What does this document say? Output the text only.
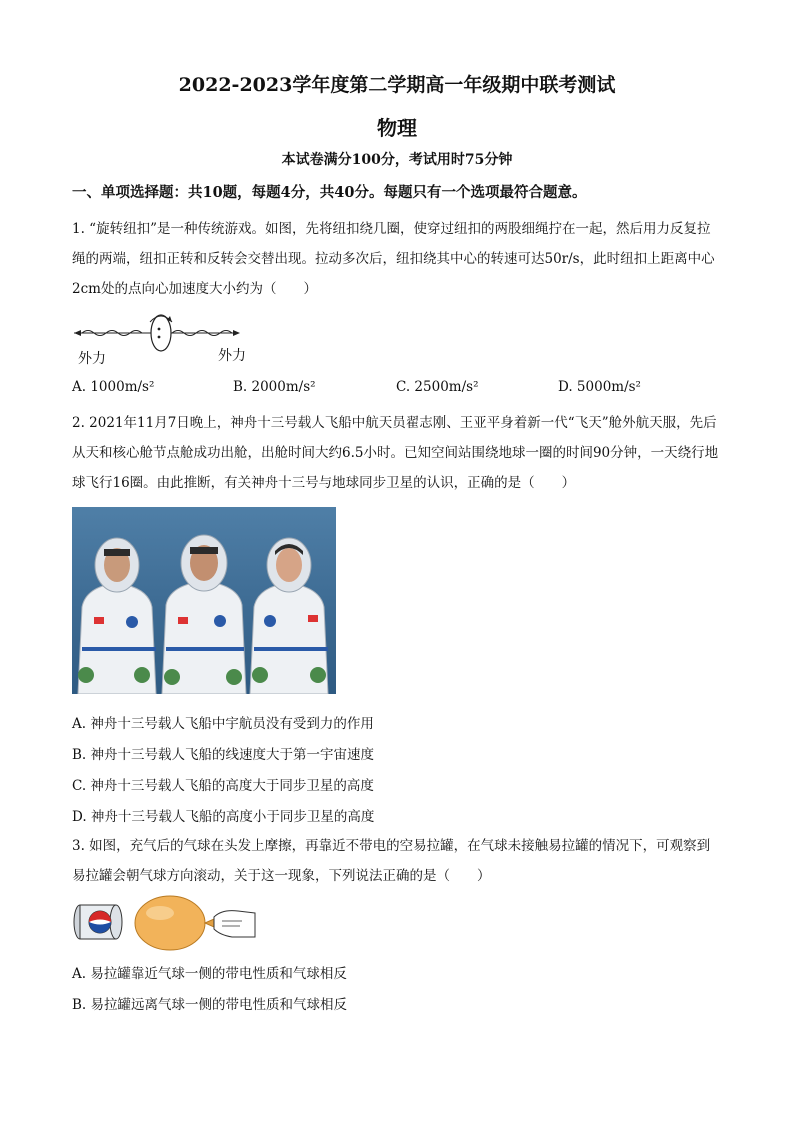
2022-2023学年度第二学期高一年级期中联考测试
物理
本试卷满分100分，考试用时75分钟
一、单项选择题：共10题，每题4分，共40分。每题只有一个选项最符合题意。
1. “旋转纽扣”是一种传统游戏。如图，先将纽扣绕几圈，使穿过纽扣的两股细绳拧在一起，然后用力反复拉绳的两端，纽扣正转和反转会交替出现。拉动多次后，纽扣绕其中心的转速可达50r/s，此时纽扣上距离中心 2cm处的点向心加速度大小约为（　　）
外力	外力
A. 1000m/s²	B. 2000m/s²	C. 2500m/s²	D. 5000m/s²
2. 2021年11月7日晚上，神舟十三号载人飞船中航天员翟志刚、王亚平身着新一代“飞天”舱外航天服，先后从天和核心舱节点舱成功出舱，出舱时间大约6.5小时。已知空间站围绕地球一圈的时间90分钟，一天绕行地球飞行16圈。由此推断，有关神舟十三号与地球同步卫星的认识，正确的是（　　）
A. 神舟十三号载人飞船中宇航员没有受到力的作用
B. 神舟十三号载人飞船的线速度大于第一宇宙速度
C. 神舟十三号载人飞船的高度大于同步卫星的高度
D. 神舟十三号载人飞船的高度小于同步卫星的高度
3. 如图，充气后的气球在头发上摩擦，再靠近不带电的空易拉罐，在气球未接触易拉罐的情况下，可观察到易拉罐会朝气球方向滚动，关于这一现象，下列说法正确的是（　　）
A. 易拉罐靠近气球一侧的带电性质和气球相反
B. 易拉罐远离气球一侧的带电性质和气球相反
